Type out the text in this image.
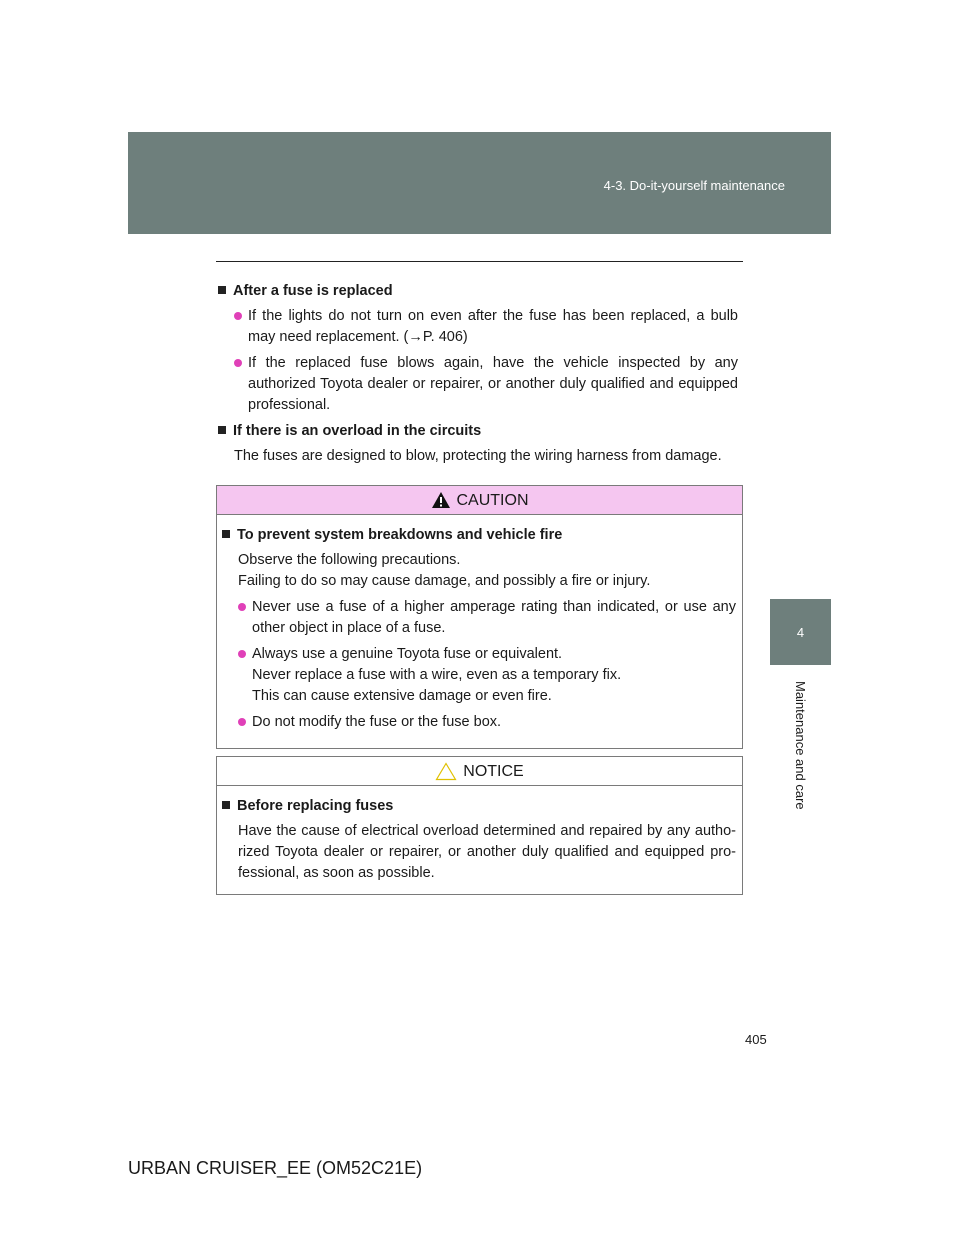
4-3. Do-it-yourself maintenance
4
Maintenance and care
After a fuse is replaced
If the lights do not turn on even after the fuse has been replaced, a bulb may need replacement. (→P. 406)
If the replaced fuse blows again, have the vehicle inspected by any authorized Toyota dealer or repairer, or another duly qualified and equipped professional.
If there is an overload in the circuits
The fuses are designed to blow, protecting the wiring harness from damage.
CAUTION
To prevent system breakdowns and vehicle fire
Observe the following precautions.
Failing to do so may cause damage, and possibly a fire or injury.
Never use a fuse of a higher amperage rating than indicated, or use any other object in place of a fuse.
Always use a genuine Toyota fuse or equivalent.
Never replace a fuse with a wire, even as a temporary fix.
This can cause extensive damage or even fire.
Do not modify the fuse or the fuse box.
NOTICE
Before replacing fuses
Have the cause of electrical overload determined and repaired by any autho-rized Toyota dealer or repairer, or another duly qualified and equipped pro-fessional, as soon as possible.
405
URBAN CRUISER_EE (OM52C21E)
